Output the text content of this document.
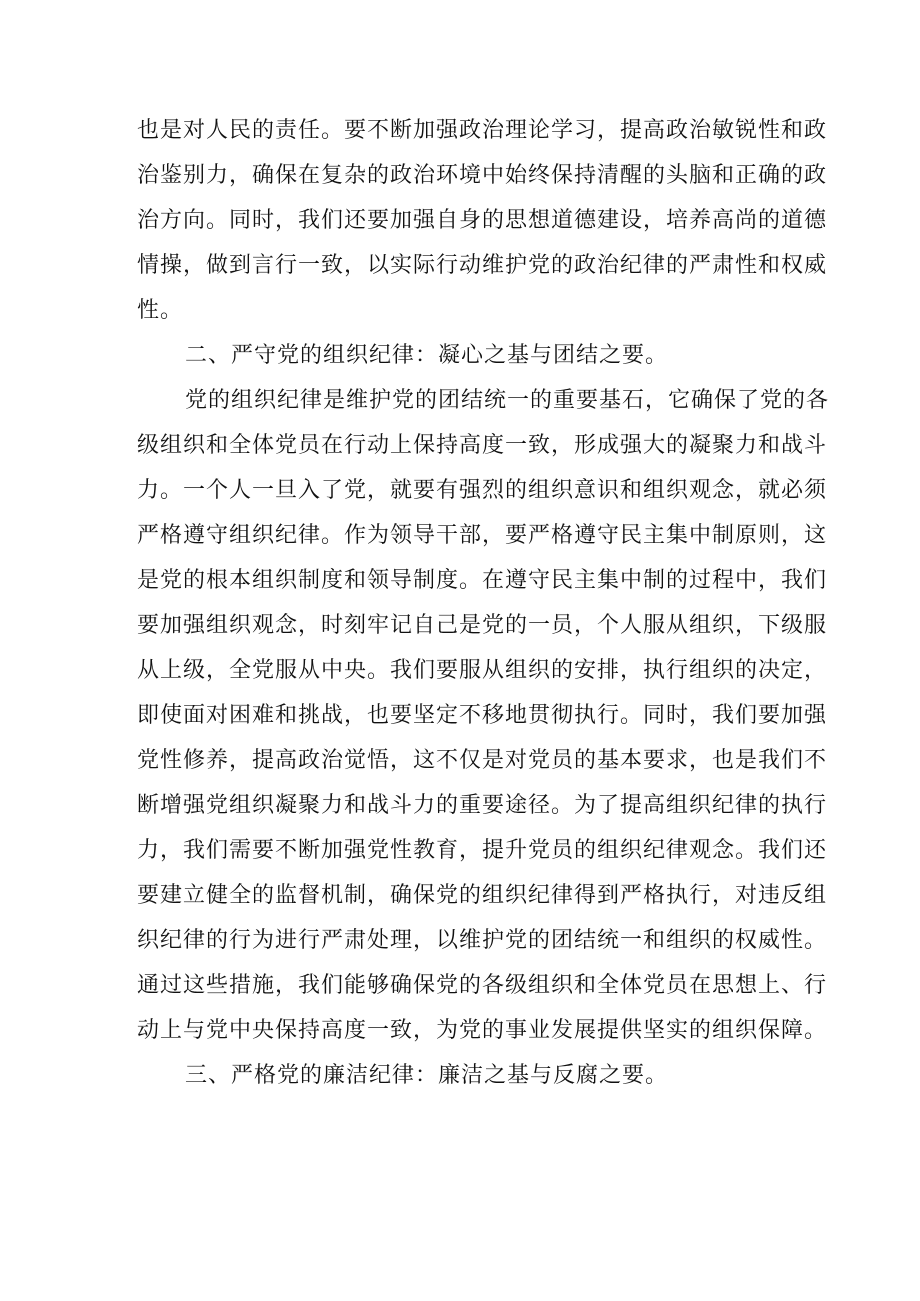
也是对人民的责任。要不断加强政治理论学习，提高政治敏锐性和政
治鉴别力，确保在复杂的政治环境中始终保持清醒的头脑和正确的政
治方向。同时，我们还要加强自身的思想道德建设，培养高尚的道德
情操，做到言行一致，以实际行动维护党的政治纪律的严肃性和权威
性。
二、严守党的组织纪律：凝心之基与团结之要。
党的组织纪律是维护党的团结统一的重要基石，它确保了党的各
级组织和全体党员在行动上保持高度一致，形成强大的凝聚力和战斗
力。一个人一旦入了党，就要有强烈的组织意识和组织观念，就必须
严格遵守组织纪律。作为领导干部，要严格遵守民主集中制原则，这
是党的根本组织制度和领导制度。在遵守民主集中制的过程中，我们
要加强组织观念，时刻牢记自己是党的一员，个人服从组织，下级服
从上级，全党服从中央。我们要服从组织的安排，执行组织的决定，
即使面对困难和挑战，也要坚定不移地贯彻执行。同时，我们要加强
党性修养，提高政治觉悟，这不仅是对党员的基本要求，也是我们不
断增强党组织凝聚力和战斗力的重要途径。为了提高组织纪律的执行
力，我们需要不断加强党性教育，提升党员的组织纪律观念。我们还
要建立健全的监督机制，确保党的组织纪律得到严格执行，对违反组
织纪律的行为进行严肃处理，以维护党的团结统一和组织的权威性。
通过这些措施，我们能够确保党的各级组织和全体党员在思想上、行
动上与党中央保持高度一致，为党的事业发展提供坚实的组织保障。
三、严格党的廉洁纪律：廉洁之基与反腐之要。
